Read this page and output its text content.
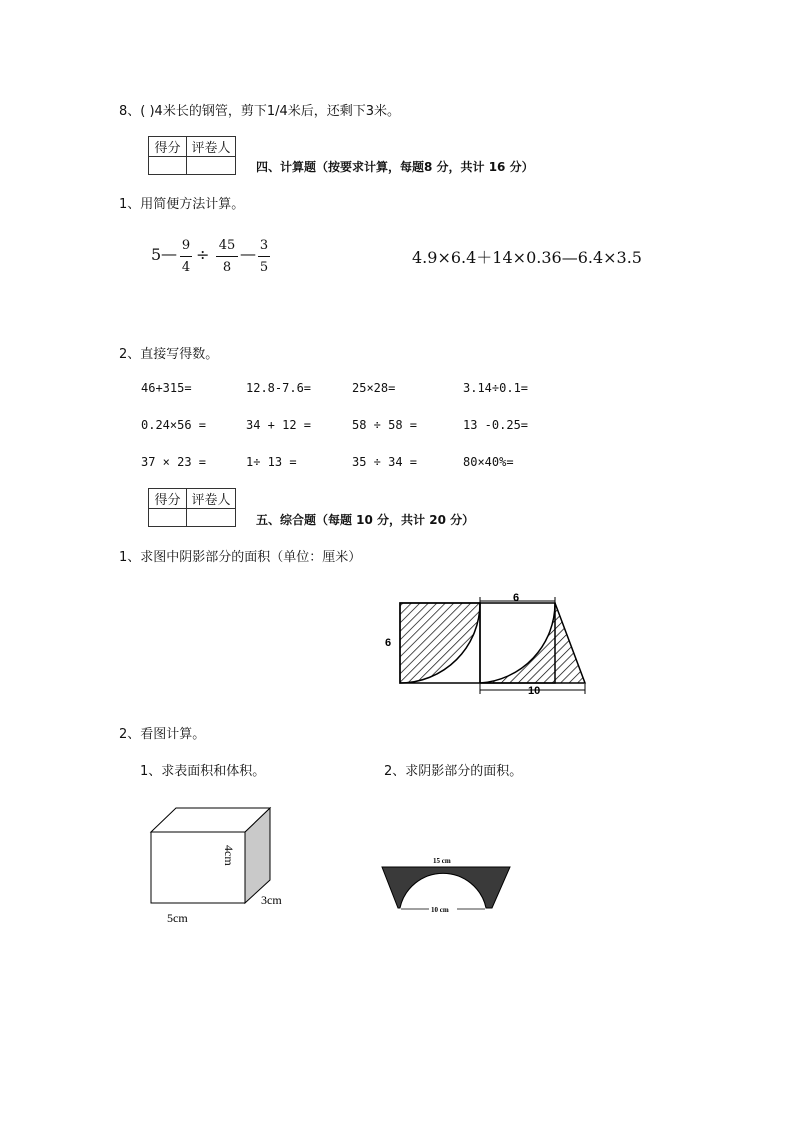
8、( )4米长的钢管，剪下1/4米后，还剩下3米。
得分	评卷人

四、计算题（按要求计算，每题8 分，共计 16 分）
1、用简便方法计算。
5 — 9
4
÷ 45
8
— 3
5
4.9×6.4＋14×0.36—6.4×3.5
2、直接写得数。
46+315=	12.8-7.6=	25×28=	3.14÷0.1=
0.24×56 =	34 + 12 =	58 ÷ 58 =	13 -0.25=
37 × 23 =	1÷ 13 =	35 ÷ 34 =	80×40%=
得分	评卷人

五、综合题（每题 10 分，共计 20 分）
1、求图中阴影部分的面积（单位：厘米）
6
6
10
2、看图计算。
1、求表面积和体积。	2、求阴影部分的面积。
4cm
3cm
5cm
15 cm
10 cm
